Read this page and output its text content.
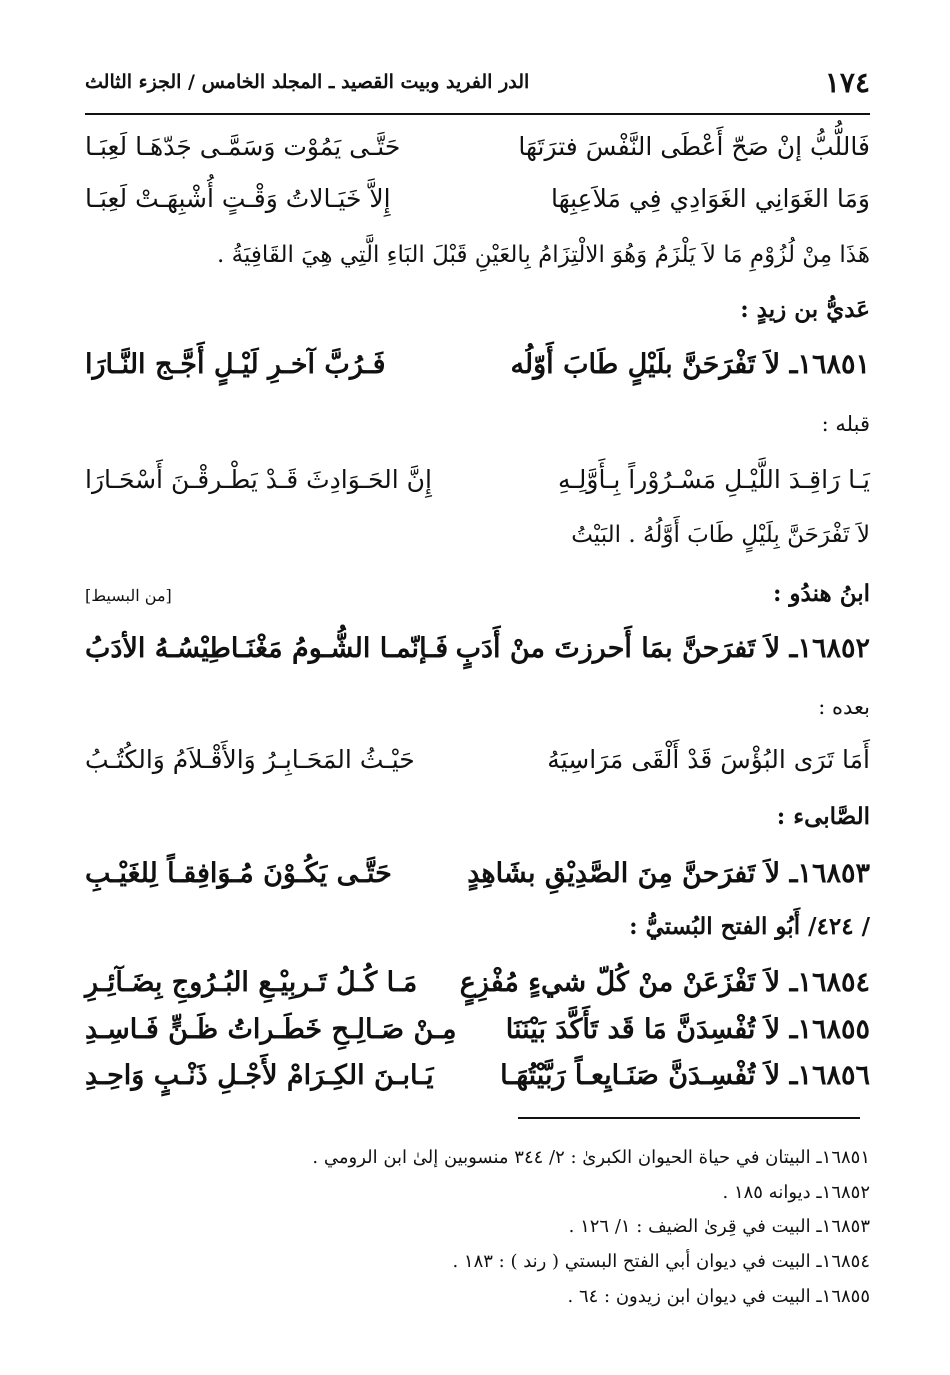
١٧٤
الدر الفريد وبيت القصيد ـ المجلد الخامس / الجزء الثالث
فَاللُّبُّ إنْ صَحّ أَعْطَى النَّفْسَ فترَتَهَا
حَتَّـى يَمُوْت وَسَمَّـى جَدّهَـا لَعِبَـا
وَمَا الغَوَانِي الغَوَادِي فِي مَلاَعِبِهَا
إِلاَّ خَيَـالاتُ وَقْـتٍ أُشْبِهَـتْ لَعِبَـا
هَذَا مِنْ لُزُوْمِ مَا لاَ يَلْزَمُ وَهُوَ الالْتِزَامُ بِالعَيْنِ قَبْلَ البَاءِ الَّتِي هِيَ القَافِيَةُ .
عَديُّ بن زيدٍ :
١٦٨٥١ـ لاَ تَفْرَحَنَّ بلَيْلٍ طَابَ أَوّلُه
فَـرُبَّ آخـرِ لَيْـلٍ أَجَّـج النَّـارَا
قبله :
يَـا رَاقِـدَ اللَّيْـلِ مَسْـرُوْراً بِـأَوَّلِـهِ
إِنَّ الحَـوَادِثَ قَـدْ يَطْـرقْـنَ أَسْحَـارَا
لاَ تَفْرَحَنَّ بِلَيْلٍ طَابَ أَوَّلُهُ . البَيْتُ
ابنُ هندُو :
[من البسيط]
١٦٨٥٢ـ لاَ تَفرَحنَّ بمَا أَحرزتَ منْ أَدَبٍ
فَـإنّمـا الشُّـومُ مَغْنَـاطِيْسُـهُ الأدَبُ
بعده :
أَمَا تَرَى البُؤْسَ قَدْ أَلْقَى مَرَاسِيَهُ
حَيْـثُ المَحَـابِـرُ وَالأَقْـلاَمُ وَالكُتُـبُ
الصَّابىء :
١٦٨٥٣ـ لاَ تَفرَحنَّ مِنَ الصَّدِيْقِ بشَاهِدٍ
حَتَّـى يَكُـوْنَ مُـوَافِقـاً لِلغَيْـبِ
/ ٤٢٤/ أَبُو الفتح البُستيُّ :
١٦٨٥٤ـ لاَ تَفْزَعَنْ منْ كُلّ شيءٍ مُفْزِعٍ
مَـا كُـلُ تَـربِيْـعِ البُـرُوجِ بِضَـآئِـرِ
١٦٨٥٥ـ لاَ تُفْسِدَنَّ مَا قَد تَأَكَّدَ بَيْنَنَا
مِـنْ صَـالِـحِ خَطَـراتُ ظَـنٍّ فَـاسِـدِ
١٦٨٥٦ـ لاَ تُفْسِـدَنَّ صَنَـايِعـاً رَبَّيْتُهَـا
يَـابـنَ الكِـرَامْ لأَجْـلِ ذَنْـبٍ وَاحِـدِ
١٦٨٥١ـ البيتان في حياة الحيوان الكبرىٰ : ٢/ ٣٤٤ منسوبين إلىٰ ابن الرومي .
١٦٨٥٢ـ ديوانه ١٨٥ .
١٦٨٥٣ـ البيت في قِرىٰ الضيف : ١/ ١٢٦ .
١٦٨٥٤ـ البيت في ديوان أبي الفتح البستي ( رند ) : ١٨٣ .
١٦٨٥٥ـ البيت في ديوان ابن زيدون : ٦٤ .
